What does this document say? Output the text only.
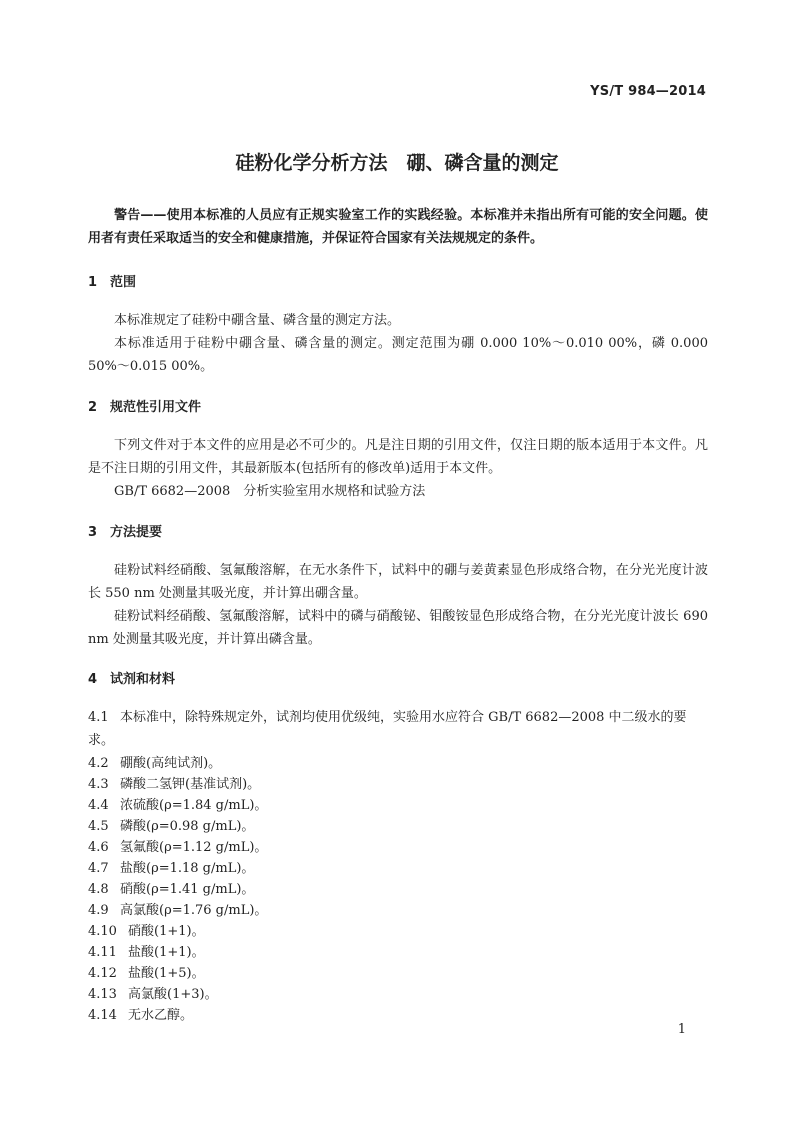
YS/T 984—2014
硅粉化学分析方法　硼、磷含量的测定
警告——使用本标准的人员应有正规实验室工作的实践经验。本标准并未指出所有可能的安全问题。使用者有责任采取适当的安全和健康措施，并保证符合国家有关法规规定的条件。
1 范围
本标准规定了硅粉中硼含量、磷含量的测定方法。
本标准适用于硅粉中硼含量、磷含量的测定。测定范围为硼 0.000 10%～0.010 00%，磷 0.000 50%～0.015 00%。
2 规范性引用文件
下列文件对于本文件的应用是必不可少的。凡是注日期的引用文件，仅注日期的版本适用于本文件。凡是不注日期的引用文件，其最新版本(包括所有的修改单)适用于本文件。
GB/T 6682—2008　分析实验室用水规格和试验方法
3 方法提要
硅粉试料经硝酸、氢氟酸溶解，在无水条件下，试料中的硼与姜黄素显色形成络合物，在分光光度计波长 550 nm 处测量其吸光度，并计算出硼含量。
硅粉试料经硝酸、氢氟酸溶解，试料中的磷与硝酸铋、钼酸铵显色形成络合物，在分光光度计波长 690 nm 处测量其吸光度，并计算出磷含量。
4 试剂和材料
4.1 本标准中，除特殊规定外，试剂均使用优级纯，实验用水应符合 GB/T 6682—2008 中二级水的要求。
4.2 硼酸(高纯试剂)。
4.3 磷酸二氢钾(基准试剂)。
4.4 浓硫酸(ρ=1.84 g/mL)。
4.5 磷酸(ρ=0.98 g/mL)。
4.6 氢氟酸(ρ=1.12 g/mL)。
4.7 盐酸(ρ=1.18 g/mL)。
4.8 硝酸(ρ=1.41 g/mL)。
4.9 高氯酸(ρ=1.76 g/mL)。
4.10 硝酸(1+1)。
4.11 盐酸(1+1)。
4.12 盐酸(1+5)。
4.13 高氯酸(1+3)。
4.14 无水乙醇。
1
